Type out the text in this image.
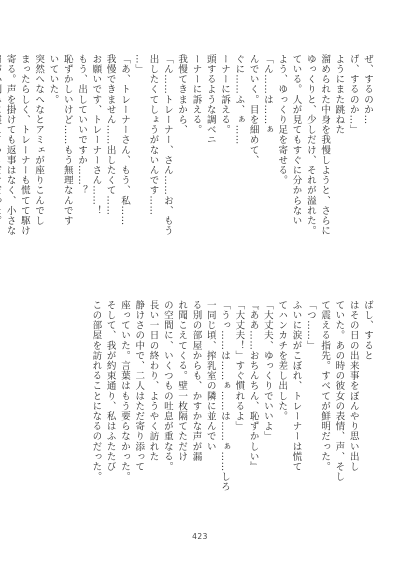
ぜ、するのか…
げ、するのか…」
ようにまた跳ねた
溜められた中身を我慢しようと、さらに
ゆっくりと、少しだけ、それが溢れた。
ている。人が見てもすぐに分からない
よう、ゆっくり足を寄せる。
「ん……は……ぁ
んでいく。目を細めて、
ぐに……ふ、ぁ……
ーナーに訴える。
頭するような調ベニ
ーナーに訴える。
我慢てきまから、
「ん……トレーナー、さん……お、もう
出したくてしょうがないんです……
…」
「あ、トレーナーさん、もう、私……
我慢できません……出したくて……
お願いです、トレーナーさん……！
もう、出していいですか……？
恥ずかしいけど……もう無理なんです
いていた。
突然へなへなとアミェが座りこんでし
まったらしく、トレーナーも慌てて駆け
寄る。声を掛けても返事はなく、小さな
ばし、すると
はその日の出来事をぼんやり思い出し
ていた。あの時の彼女の表情、声、そし
て震える指先。すべてが鮮明だった。
「つ……」
ふいに涙がこぼれ、トレーナーは慌て
てハンカチを差し出した。
「大丈夫、ゆっくりでいいよ」
『ああ……おちんちん、恥ずかしい』
「大丈夫！」すぐ慣れるよ」
「うっ……は……ぁ……は……ぁ……しろ
一同じ頃、搾乳室の隣に並んでい
る別の部屋からも、かすかな声が漏
れ聞こえてくる。壁一枚隔てただけ
の空間に、いくつもの吐息が重なる。
長い一日の終わり、ようやく訪れた
静けさの中で、二人はただ寄り添って
座っていた。言葉はもう要らなかった。
そして、我が約束通り、私はふたたび
この部屋を訪れることになるのだった。
423
